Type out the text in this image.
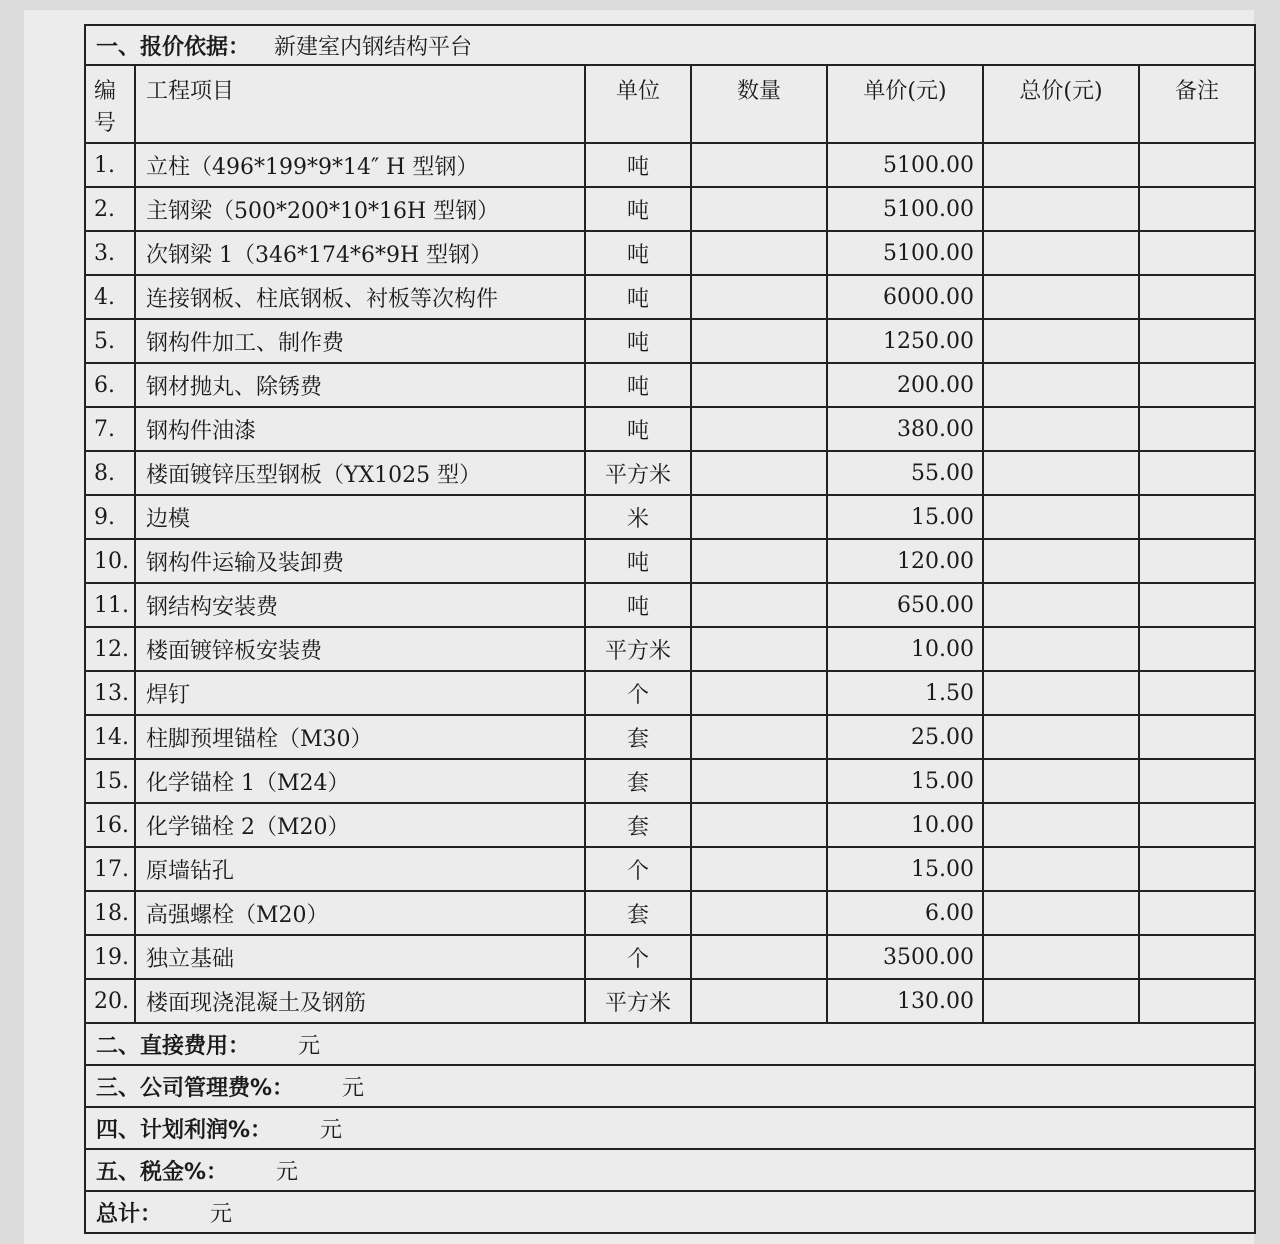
一、报价依据： 新建室内钢结构平台						
编号	工程项目	单位	数量	单价(元)	总价(元)	备注
1.	立柱（496*199*9*14″ H 型钢）	吨		5100.00		
2.	主钢梁（500*200*10*16H 型钢）	吨		5100.00		
3.	次钢梁 1（346*174*6*9H 型钢）	吨		5100.00		
4.	连接钢板、柱底钢板、衬板等次构件	吨		6000.00		
5.	钢构件加工、制作费	吨		1250.00		
6.	钢材抛丸、除锈费	吨		200.00		
7.	钢构件油漆	吨		380.00		
8.	楼面镀锌压型钢板（YX1025 型）	平方米		55.00		
9.	边模	米		15.00		
10.	钢构件运输及装卸费	吨		120.00		
11.	钢结构安装费	吨		650.00		
12.	楼面镀锌板安装费	平方米		10.00		
13.	焊钉	个		1.50		
14.	柱脚预埋锚栓（M30）	套		25.00		
15.	化学锚栓 1（M24）	套		15.00		
16.	化学锚栓 2（M20）	套		10.00		
17.	原墙钻孔	个		15.00		
18.	高强螺栓（M20）	套		6.00		
19.	独立基础	个		3500.00		
20.	楼面现浇混凝土及钢筋	平方米		130.00		
二、直接费用： 元						
三、公司管理费%： 元						
四、计划利润%： 元						
五、税金%： 元						
总计： 元						
